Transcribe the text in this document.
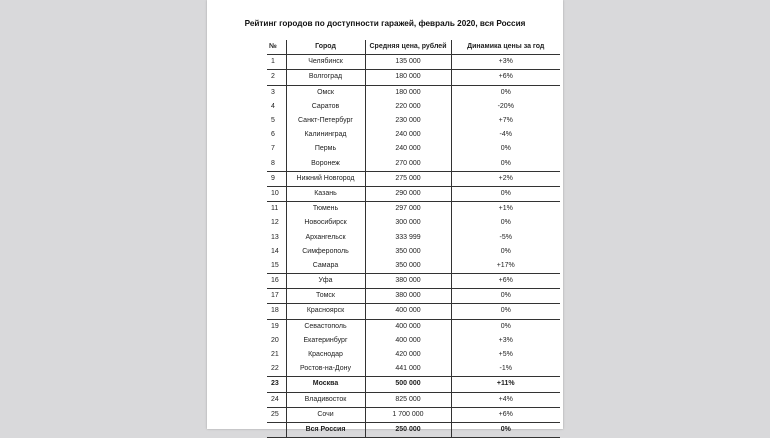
Рейтинг городов по доступности гаражей, февраль 2020, вся Россия
№	Город	Средняя цена, рублей	Динамика цены за год
1	Челябинск	135 000	+3%
2	Волгоград	180 000	+6%
3	Омск	180 000	0%
4	Саратов	220 000	-20%
5	Санкт-Петербург	230 000	+7%
6	Калининград	240 000	-4%
7	Пермь	240 000	0%
8	Воронеж	270 000	0%
9	Нижний Новгород	275 000	+2%
10	Казань	290 000	0%
11	Тюмень	297 000	+1%
12	Новосибирск	300 000	0%
13	Архангельск	333 999	-5%
14	Симферополь	350 000	0%
15	Самара	350 000	+17%
16	Уфа	380 000	+6%
17	Томск	380 000	0%
18	Красноярск	400 000	0%
19	Севастополь	400 000	0%
20	Екатеринбург	400 000	+3%
21	Краснодар	420 000	+5%
22	Ростов-на-Дону	441 000	-1%
23	Москва	500 000	+11%
24	Владивосток	825 000	+4%
25	Сочи	1 700 000	+6%
	Вся Россия	250 000	0%
